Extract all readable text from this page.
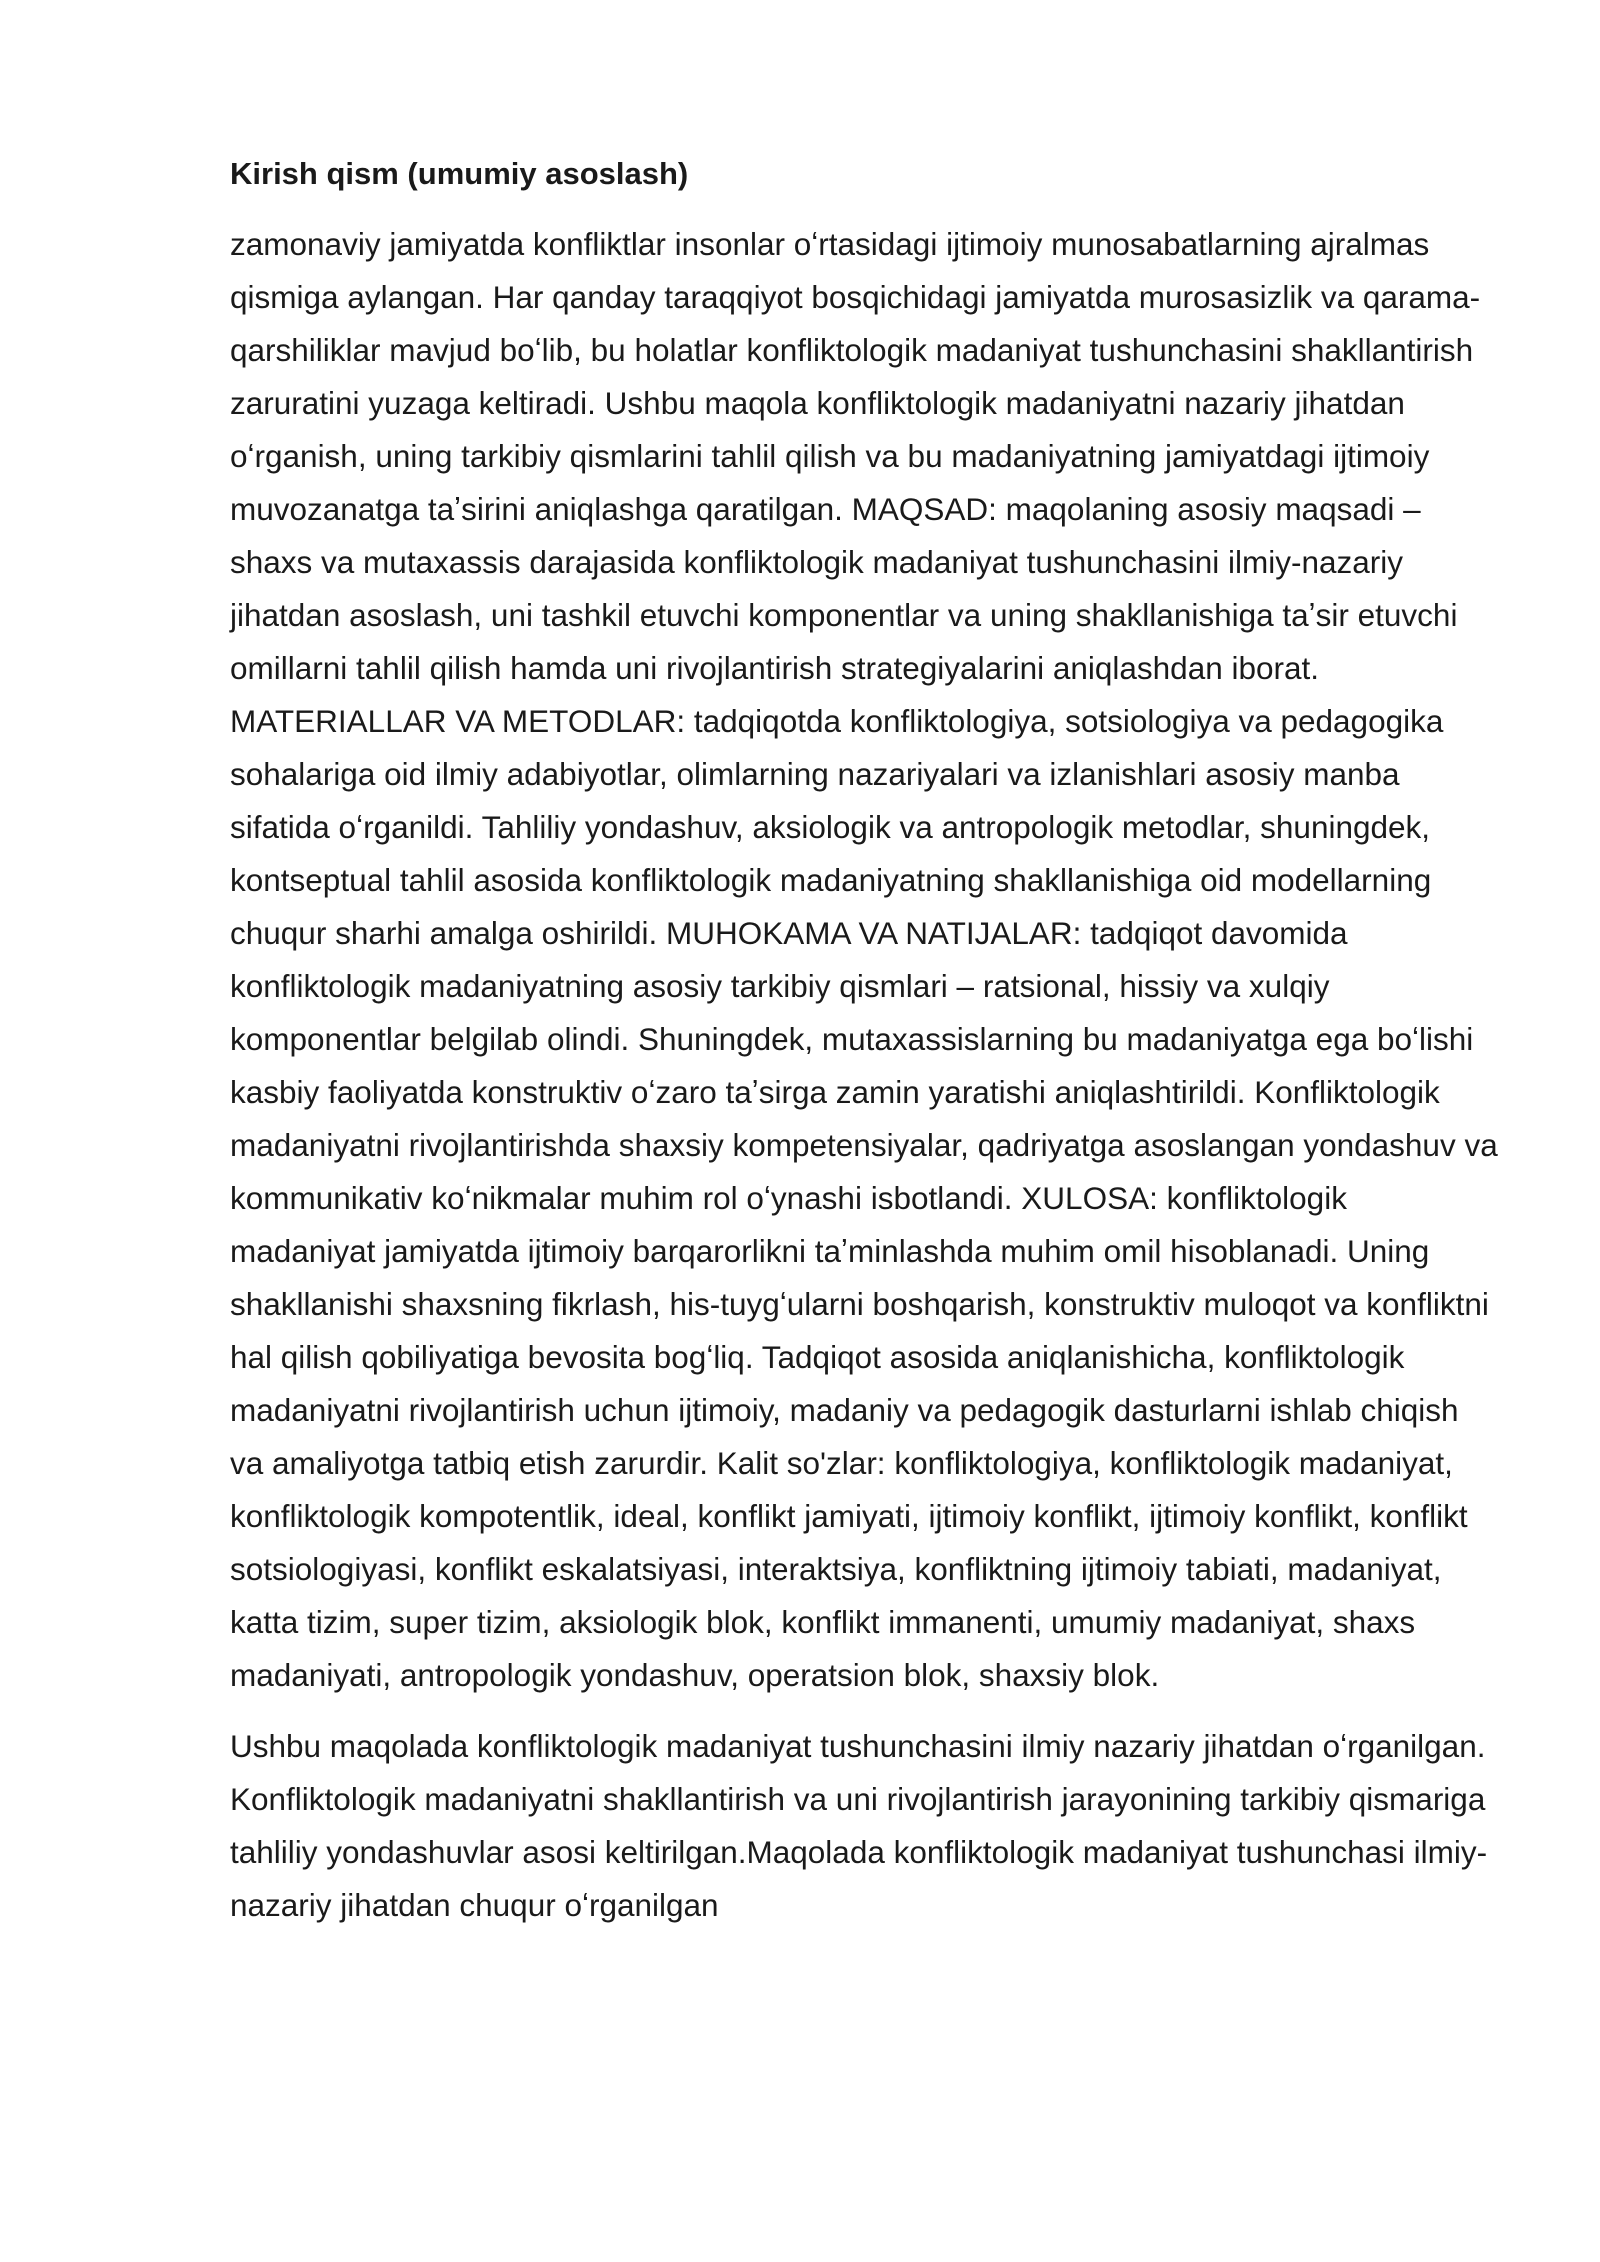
Kirish qism (umumiy asoslash)

zamonaviy jamiyatda konfliktlar insonlar oʻrtasidagi ijtimoiy munosabatlarning ajralmas qismiga aylangan. Har qanday taraqqiyot bosqichidagi jamiyatda murosasizlik va qarama-qarshiliklar mavjud boʻlib, bu holatlar konfliktologik madaniyat tushunchasini shakllantirish zaruratini yuzaga keltiradi. Ushbu maqola konfliktologik madaniyatni nazariy jihatdan oʻrganish, uning tarkibiy qismlarini tahlil qilish va bu madaniyatning jamiyatdagi ijtimoiy muvozanatga taʼsirini aniqlashga qaratilgan. MAQSAD: maqolaning asosiy maqsadi – shaxs va mutaxassis darajasida konfliktologik madaniyat tushunchasini ilmiy-nazariy jihatdan asoslash, uni tashkil etuvchi komponentlar va uning shakllanishiga taʼsir etuvchi omillarni tahlil qilish hamda uni rivojlantirish strategiyalarini aniqlashdan iborat. MATERIALLAR VA METODLAR: tadqiqotda konfliktologiya, sotsiologiya va pedagogika sohalariga oid ilmiy adabiyotlar, olimlarning nazariyalari va izlanishlari asosiy manba sifatida oʻrganildi. Tahliliy yondashuv, aksiologik va antropologik metodlar, shuningdek, kontseptual tahlil asosida konfliktologik madaniyatning shakllanishiga oid modellarning chuqur sharhi amalga oshirildi. MUHOKAMA VA NATIJALAR: tadqiqot davomida konfliktologik madaniyatning asosiy tarkibiy qismlari – ratsional, hissiy va xulqiy komponentlar belgilab olindi. Shuningdek, mutaxassislarning bu madaniyatga ega boʻlishi kasbiy faoliyatda konstruktiv oʻzaro taʼsirga zamin yaratishi aniqlashtirildi. Konfliktologik madaniyatni rivojlantirishda shaxsiy kompetensiyalar, qadriyatga asoslangan yondashuv va kommunikativ koʻnikmalar muhim rol oʻynashi isbotlandi. XULOSA: konfliktologik madaniyat jamiyatda ijtimoiy barqarorlikni taʼminlashda muhim omil hisoblanadi. Uning shakllanishi shaxsning fikrlash, his-tuygʻularni boshqarish, konstruktiv muloqot va konfliktni hal qilish qobiliyatiga bevosita bogʻliq. Tadqiqot asosida aniqlanishicha, konfliktologik madaniyatni rivojlantirish uchun ijtimoiy, madaniy va pedagogik dasturlarni ishlab chiqish va amaliyotga tatbiq etish zarurdir. Kalit so'zlar: konfliktologiya, konfliktologik madaniyat, konfliktologik kompotentlik, ideal, konflikt jamiyati, ijtimoiy konflikt, ijtimoiy konflikt, konflikt sotsiologiyasi, konflikt eskalatsiyasi, interaktsiya, konfliktning ijtimoiy tabiati, madaniyat, katta tizim, super tizim, aksiologik blok, konflikt immanenti, umumiy madaniyat, shaxs madaniyati, antropologik yondashuv, operatsion blok, shaxsiy blok.

Ushbu maqolada konfliktologik madaniyat tushunchasini ilmiy nazariy jihatdan oʻrganilgan. Konfliktologik madaniyatni shakllantirish va uni rivojlantirish jarayonining tarkibiy qismariga tahliliy yondashuvlar asosi keltirilgan.Maqolada konfliktologik madaniyat tushunchasi ilmiy-nazariy jihatdan chuqur oʻrganilgan
